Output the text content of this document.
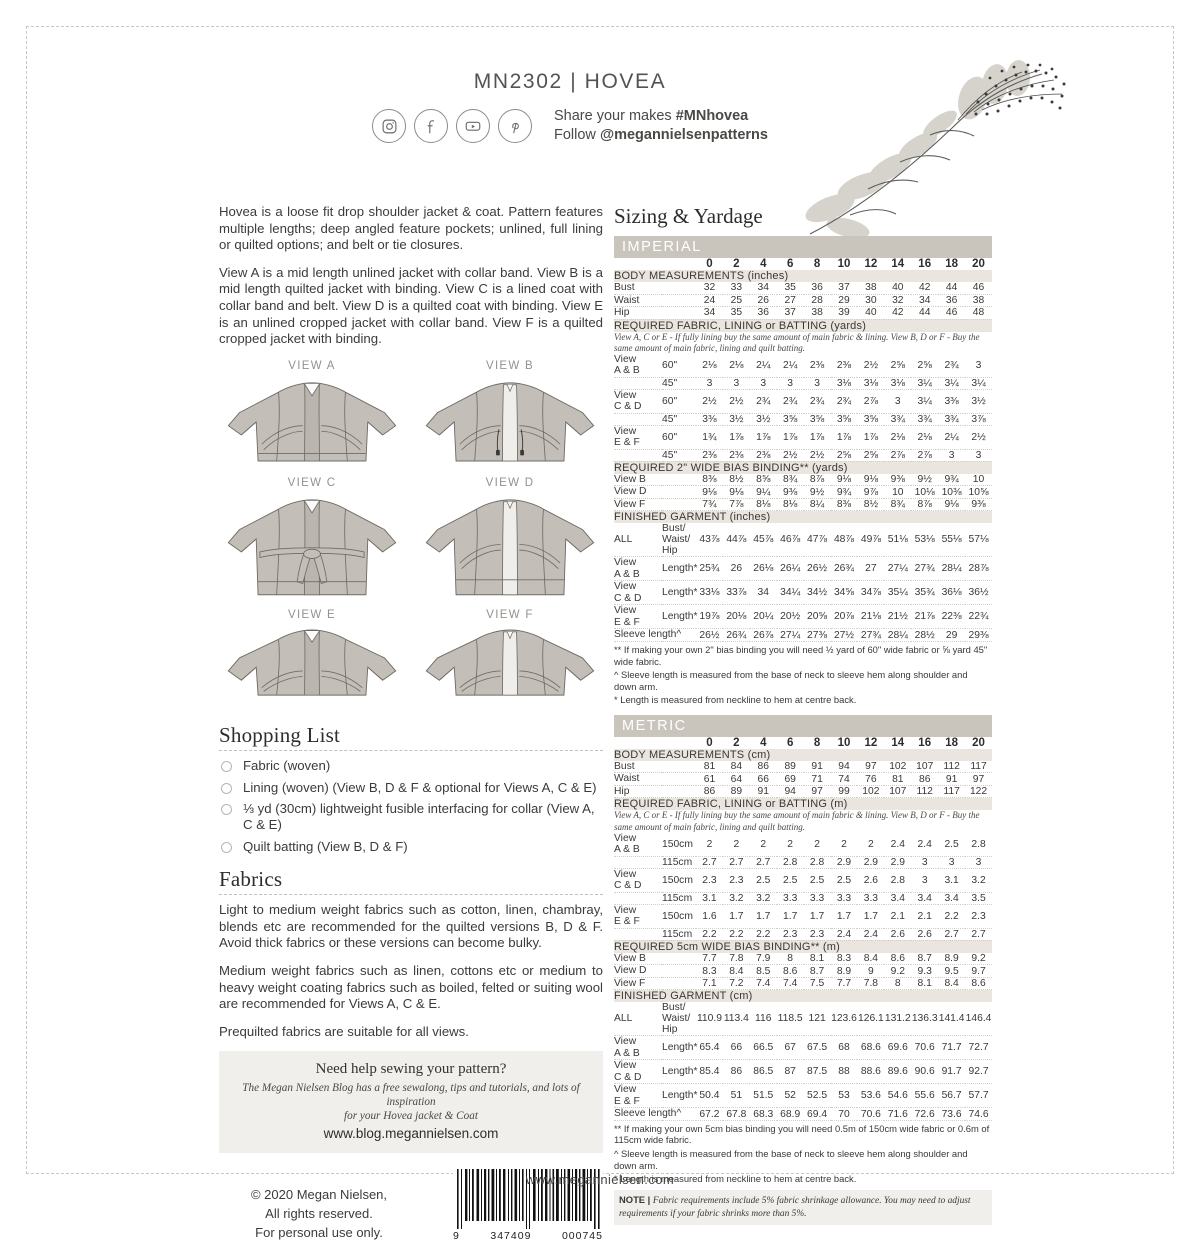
MN2302 | HOVEA
Share your makes #MNhovea
Follow @megannielsenpatterns

Hovea is a loose fit drop shoulder jacket & coat. Pattern features multiple lengths; deep angled feature pockets; unlined, full lining or quilted options; and belt or tie closures.

View A is a mid length unlined jacket with collar band. View B is a mid length quilted jacket with binding. View C is a lined coat with collar band and belt. View D is a quilted coat with binding. View E is an unlined cropped jacket with collar band. View F is a quilted cropped jacket with binding.

VIEW A	VIEW B
VIEW C	VIEW D
VIEW E	VIEW F
Shopping List
Fabric (woven)
Lining (woven) (View B, D & F & optional for Views A, C & E)
⅓ yd (30cm) lightweight fusible interfacing for collar (View A, C & E)
Quilt batting (View B, D & F)
Fabrics

Light to medium weight fabrics such as cotton, linen, chambray, blends etc are recommended for the quilted versions B, D & F. Avoid thick fabrics or these versions can become bulky.

Medium weight fabrics such as linen, cottons etc or medium to heavy weight coating fabrics such as boiled, felted or suiting wool are recommended for Views A, C & E.

Prequilted fabrics are suitable for all views.

Need help sewing your pattern?
The Megan Nielsen Blog has a free sewalong, tips and tutorials, and lots of inspiration
for your Hovea jacket & Coat
www.blog.megannielsen.com
© 2020 Megan Nielsen,
All rights reserved.
For personal use only.	9	347409	000745
Sizing & Yardage
IMPERIAL
		0	2	4	6	8	10	12	14	16	18	20
BODY MEASUREMENTS (inches)												
Bust		32	33	34	35	36	37	38	40	42	44	46
Waist		24	25	26	27	28	29	30	32	34	36	38
Hip		34	35	36	37	38	39	40	42	44	46	48
REQUIRED FABRIC, LINING or BATTING (yards)												
View A, C or E - If fully lining buy the same amount of main fabric & lining. View B, D or F - Buy the same amount of main fabric, lining and quilt batting.												
View
A & B	60"	2⅛	2⅛	2¼	2¼	2⅜	2⅜	2½	2⅝	2⅝	2¾	3
	45"	3	3	3	3	3	3⅛	3⅛	3⅛	3¼	3¼	3¼
View
C & D	60"	2½	2½	2¾	2¾	2¾	2¾	2⅞	3	3¼	3⅜	3½
	45"	3⅜	3½	3½	3⅝	3⅝	3⅝	3⅝	3¾	3¾	3¾	3⅞
View
E & F	60"	1¾	1⅞	1⅞	1⅞	1⅞	1⅞	1⅞	2⅛	2⅛	2¼	2½
	45"	2⅜	2⅜	2⅜	2½	2½	2⅝	2⅝	2⅞	2⅞	3	3
REQUIRED 2" WIDE BIAS BINDING** (yards)												
View B		8⅜	8½	8⅝	8¾	8⅞	9⅛	9⅛	9⅜	9½	9¾	10
View D		9⅛	9⅛	9¼	9⅜	9½	9¾	9⅞	10	10⅛	10⅜	10⅝
View F		7¾	7⅞	8⅛	8⅛	8¼	8⅜	8½	8¾	8⅞	9⅛	9⅜
FINISHED GARMENT (inches)												
ALL	Bust/
Waist/
Hip	43⅞	44⅞	45⅞	46⅞	47⅞	48⅞	49⅞	51⅛	53⅛	55⅛	57⅛
View
A & B	Length*	25¾	26	26⅛	26¼	26½	26¾	27	27¼	27¾	28¼	28⅞
View
C & D	Length*	33⅛	33⅞	34	34¼	34½	34⅝	34⅞	35¼	35¾	36⅛	36½
View
E & F	Length*	19⅞	20⅛	20¼	20½	20⅝	20⅞	21⅛	21½	21⅞	22⅜	22¾
Sleeve length^		26½	26¾	26⅞	27¼	27⅜	27½	27¾	28¼	28½	29	29⅜
** If making your own 2" bias binding you will need ½ yard of 60" wide fabric or ⅝ yard 45" wide fabric.
^ Sleeve length is measured from the base of neck to sleeve hem along shoulder and down arm.
* Length is measured from neckline to hem at centre back.
METRIC
		0	2	4	6	8	10	12	14	16	18	20
BODY MEASUREMENTS (cm)												
Bust		81	84	86	89	91	94	97	102	107	112	117
Waist		61	64	66	69	71	74	76	81	86	91	97
Hip		86	89	91	94	97	99	102	107	112	117	122
REQUIRED FABRIC, LINING or BATTING (m)												
View A, C or E - If fully lining buy the same amount of main fabric & lining. View B, D or F - Buy the same amount of main fabric, lining and quilt batting.												
View
A & B	150cm	2	2	2	2	2	2	2	2.4	2.4	2.5	2.8
	115cm	2.7	2.7	2.7	2.8	2.8	2.9	2.9	2.9	3	3	3
View
C & D	150cm	2.3	2.3	2.5	2.5	2.5	2.5	2.6	2.8	3	3.1	3.2
	115cm	3.1	3.2	3.2	3.3	3.3	3.3	3.3	3.4	3.4	3.4	3.5
View
E & F	150cm	1.6	1.7	1.7	1.7	1.7	1.7	1.7	2.1	2.1	2.2	2.3
	115cm	2.2	2.2	2.2	2.3	2.3	2.4	2.4	2.6	2.6	2.7	2.7
REQUIRED 5cm WIDE BIAS BINDING** (m)												
View B		7.7	7.8	7.9	8	8.1	8.3	8.4	8.6	8.7	8.9	9.2
View D		8.3	8.4	8.5	8.6	8.7	8.9	9	9.2	9.3	9.5	9.7
View F		7.1	7.2	7.4	7.4	7.5	7.7	7.8	8	8.1	8.4	8.6
FINISHED GARMENT (cm)												
ALL	Bust/
Waist/
Hip	110.9	113.4	116	118.5	121	123.6	126.1	131.2	136.3	141.4	146.4
View
A & B	Length*	65.4	66	66.5	67	67.5	68	68.6	69.6	70.6	71.7	72.7
View
C & D	Length*	85.4	86	86.5	87	87.5	88	88.6	89.6	90.6	91.7	92.7
View
E & F	Length*	50.4	51	51.5	52	52.5	53	53.6	54.6	55.6	56.7	57.7
Sleeve length^		67.2	67.8	68.3	68.9	69.4	70	70.6	71.6	72.6	73.6	74.6
** If making your own 5cm bias binding you will need 0.5m of 150cm wide fabric or 0.6m of 115cm wide fabric.
^ Sleeve length is measured from the base of neck to sleeve hem along shoulder and down arm.
* Length is measured from neckline to hem at centre back.
NOTE | Fabric requirements include 5% fabric shrinkage allowance. You may need to adjust requirements if your fabric shrinks more than 5%.
www.megannielsen.com
